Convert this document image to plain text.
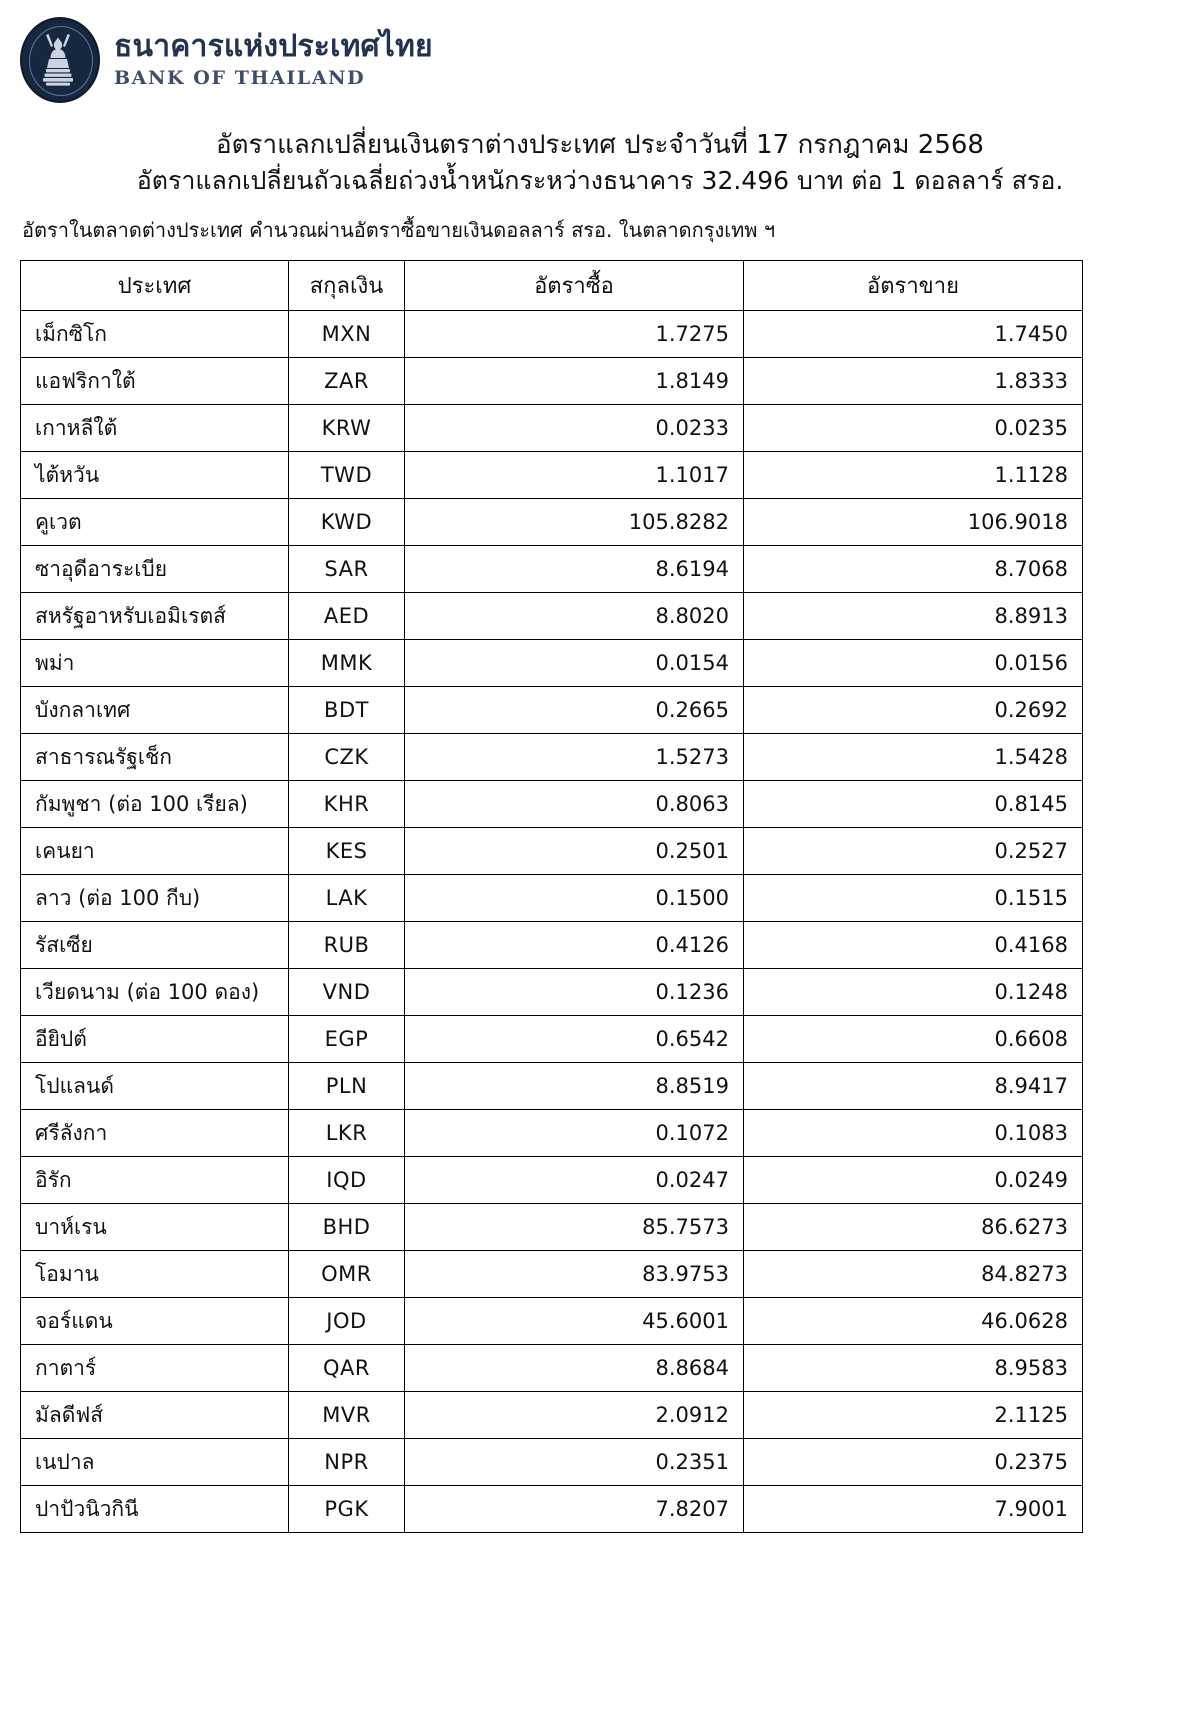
ธนาคารแห่งประเทศไทย
BANK OF THAILAND
อัตราแลกเปลี่ยนเงินตราต่างประเทศ ประจำวันที่ 17 กรกฎาคม 2568
อัตราแลกเปลี่ยนถัวเฉลี่ยถ่วงน้ำหนักระหว่างธนาคาร 32.496 บาท ต่อ 1 ดอลลาร์ สรอ.
อัตราในตลาดต่างประเทศ คำนวณผ่านอัตราซื้อขายเงินดอลลาร์ สรอ. ในตลาดกรุงเทพ ฯ
ประเทศ	สกุลเงิน	อัตราซื้อ	อัตราขาย
เม็กซิโก	MXN	1.7275	1.7450
แอฟริกาใต้	ZAR	1.8149	1.8333
เกาหลีใต้	KRW	0.0233	0.0235
ไต้หวัน	TWD	1.1017	1.1128
คูเวต	KWD	105.8282	106.9018
ซาอุดีอาระเบีย	SAR	8.6194	8.7068
สหรัฐอาหรับเอมิเรตส์	AED	8.8020	8.8913
พม่า	MMK	0.0154	0.0156
บังกลาเทศ	BDT	0.2665	0.2692
สาธารณรัฐเช็ก	CZK	1.5273	1.5428
กัมพูชา (ต่อ 100 เรียล)	KHR	0.8063	0.8145
เคนยา	KES	0.2501	0.2527
ลาว (ต่อ 100 กีบ)	LAK	0.1500	0.1515
รัสเซีย	RUB	0.4126	0.4168
เวียดนาม (ต่อ 100 ดอง)	VND	0.1236	0.1248
อียิปต์	EGP	0.6542	0.6608
โปแลนด์	PLN	8.8519	8.9417
ศรีลังกา	LKR	0.1072	0.1083
อิรัก	IQD	0.0247	0.0249
บาห์เรน	BHD	85.7573	86.6273
โอมาน	OMR	83.9753	84.8273
จอร์แดน	JOD	45.6001	46.0628
กาตาร์	QAR	8.8684	8.9583
มัลดีฟส์	MVR	2.0912	2.1125
เนปาล	NPR	0.2351	0.2375
ปาปัวนิวกินี	PGK	7.8207	7.9001
